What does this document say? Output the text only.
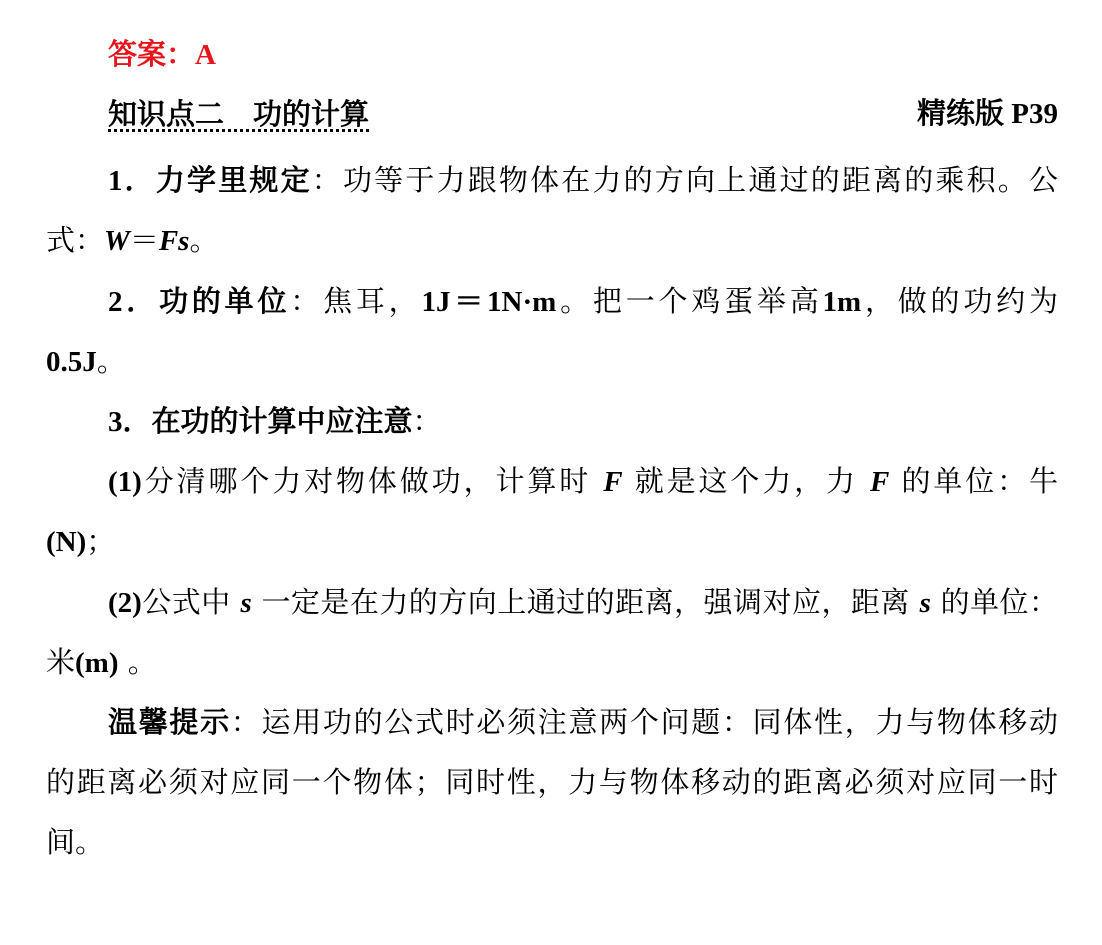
答案：A
知识点二　功的计算	精练版 P39
1．力学里规定：功等于力跟物体在力的方向上通过的距离的乘积。公
式：W＝Fs。
2．功的单位：焦耳，1J＝1N·m。把一个鸡蛋举高1m，做的功约为
0.5J。
3．在功的计算中应注意：
(1)分清哪个力对物体做功，计算时 F 就是这个力，力 F 的单位：牛
(N)；
(2)公式中 s 一定是在力的方向上通过的距离，强调对应，距离 s 的单位：
米(m) 。
温馨提示：运用功的公式时必须注意两个问题：同体性，力与物体移动
的距离必须对应同一个物体；同时性，力与物体移动的距离必须对应同一时
间。
